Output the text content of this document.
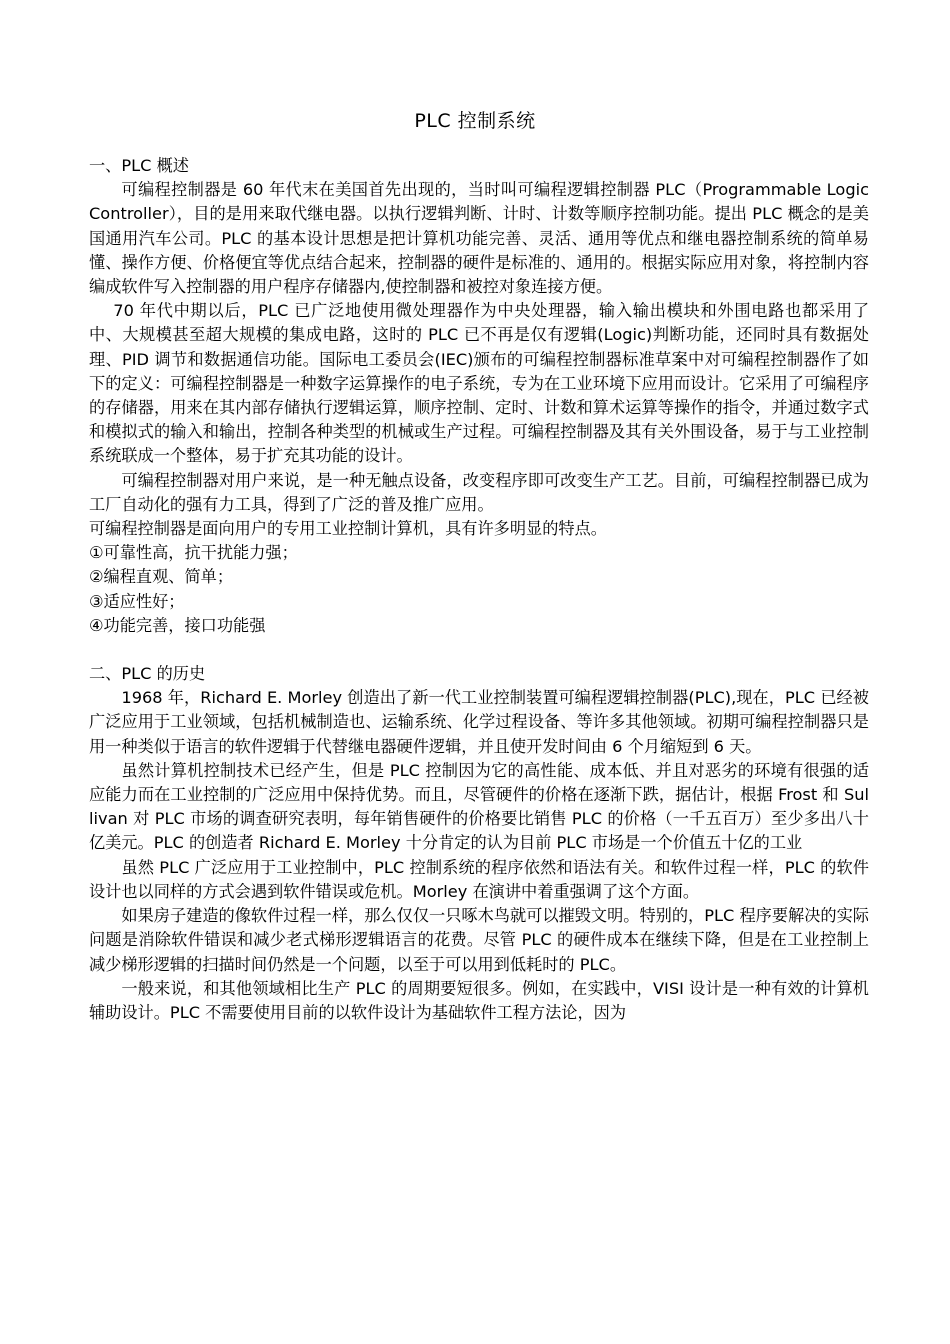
PLC 控制系统
一、PLC 概述

可编程控制器是 60 年代末在美国首先出现的，当时叫可编程逻辑控制器 PLC（Programmable Logic Controller），目的是用来取代继电器。以执行逻辑判断、计时、计数等顺序控制功能。提出 PLC 概念的是美国通用汽车公司。PLC 的基本设计思想是把计算机功能完善、灵活、通用等优点和继电器控制系统的简单易懂、操作方便、价格便宜等优点结合起来，控制器的硬件是标准的、通用的。根据实际应用对象，将控制内容编成软件写入控制器的用户程序存储器内,使控制器和被控对象连接方便。

70 年代中期以后，PLC 已广泛地使用微处理器作为中央处理器，输入输出模块和外围电路也都采用了中、大规模甚至超大规模的集成电路，这时的 PLC 已不再是仅有逻辑(Logic)判断功能，还同时具有数据处理、PID 调节和数据通信功能。国际电工委员会(IEC)颁布的可编程控制器标准草案中对可编程控制器作了如下的定义：可编程控制器是一种数字运算操作的电子系统，专为在工业环境下应用而设计。它采用了可编程序的存储器，用来在其内部存储执行逻辑运算，顺序控制、定时、计数和算术运算等操作的指令，并通过数字式和模拟式的输入和输出，控制各种类型的机械或生产过程。可编程控制器及其有关外围设备，易于与工业控制系统联成一个整体，易于扩充其功能的设计。

可编程控制器对用户来说，是一种无触点设备，改变程序即可改变生产工艺。目前，可编程控制器已成为工厂自动化的强有力工具，得到了广泛的普及推广应用。

可编程控制器是面向用户的专用工业控制计算机，具有许多明显的特点。

①可靠性高，抗干扰能力强；
②编程直观、简单；
③适应性好；
④功能完善，接口功能强
二、PLC 的历史

1968 年，Richard E. Morley 创造出了新一代工业控制装置可编程逻辑控制器(PLC),现在，PLC 已经被广泛应用于工业领域，包括机械制造也、运输系统、化学过程设备、等许多其他领域。初期可编程控制器只是用一种类似于语言的软件逻辑于代替继电器硬件逻辑，并且使开发时间由 6 个月缩短到 6 天。

虽然计算机控制技术已经产生，但是 PLC 控制因为它的高性能、成本低、并且对恶劣的环境有很强的适应能力而在工业控制的广泛应用中保持优势。而且，尽管硬件的价格在逐渐下跌，据估计，根据 Frost 和 Sullivan 对 PLC 市场的调查研究表明，每年销售硬件的价格要比销售 PLC 的价格（一千五百万）至少多出八十亿美元。PLC 的创造者 Richard E. Morley 十分肯定的认为目前 PLC 市场是一个价值五十亿的工业

虽然 PLC 广泛应用于工业控制中，PLC 控制系统的程序依然和语法有关。和软件过程一样，PLC 的软件设计也以同样的方式会遇到软件错误或危机。Morley 在演讲中着重强调了这个方面。

如果房子建造的像软件过程一样，那么仅仅一只啄木鸟就可以摧毁文明。特别的，PLC 程序要解决的实际问题是消除软件错误和减少老式梯形逻辑语言的花费。尽管 PLC 的硬件成本在继续下降，但是在工业控制上减少梯形逻辑的扫描时间仍然是一个问题，以至于可以用到低耗时的 PLC。

一般来说，和其他领域相比生产 PLC 的周期要短很多。例如，在实践中，VISI 设计是一种有效的计算机辅助设计。PLC 不需要使用目前的以软件设计为基础软件工程方法论，因为
